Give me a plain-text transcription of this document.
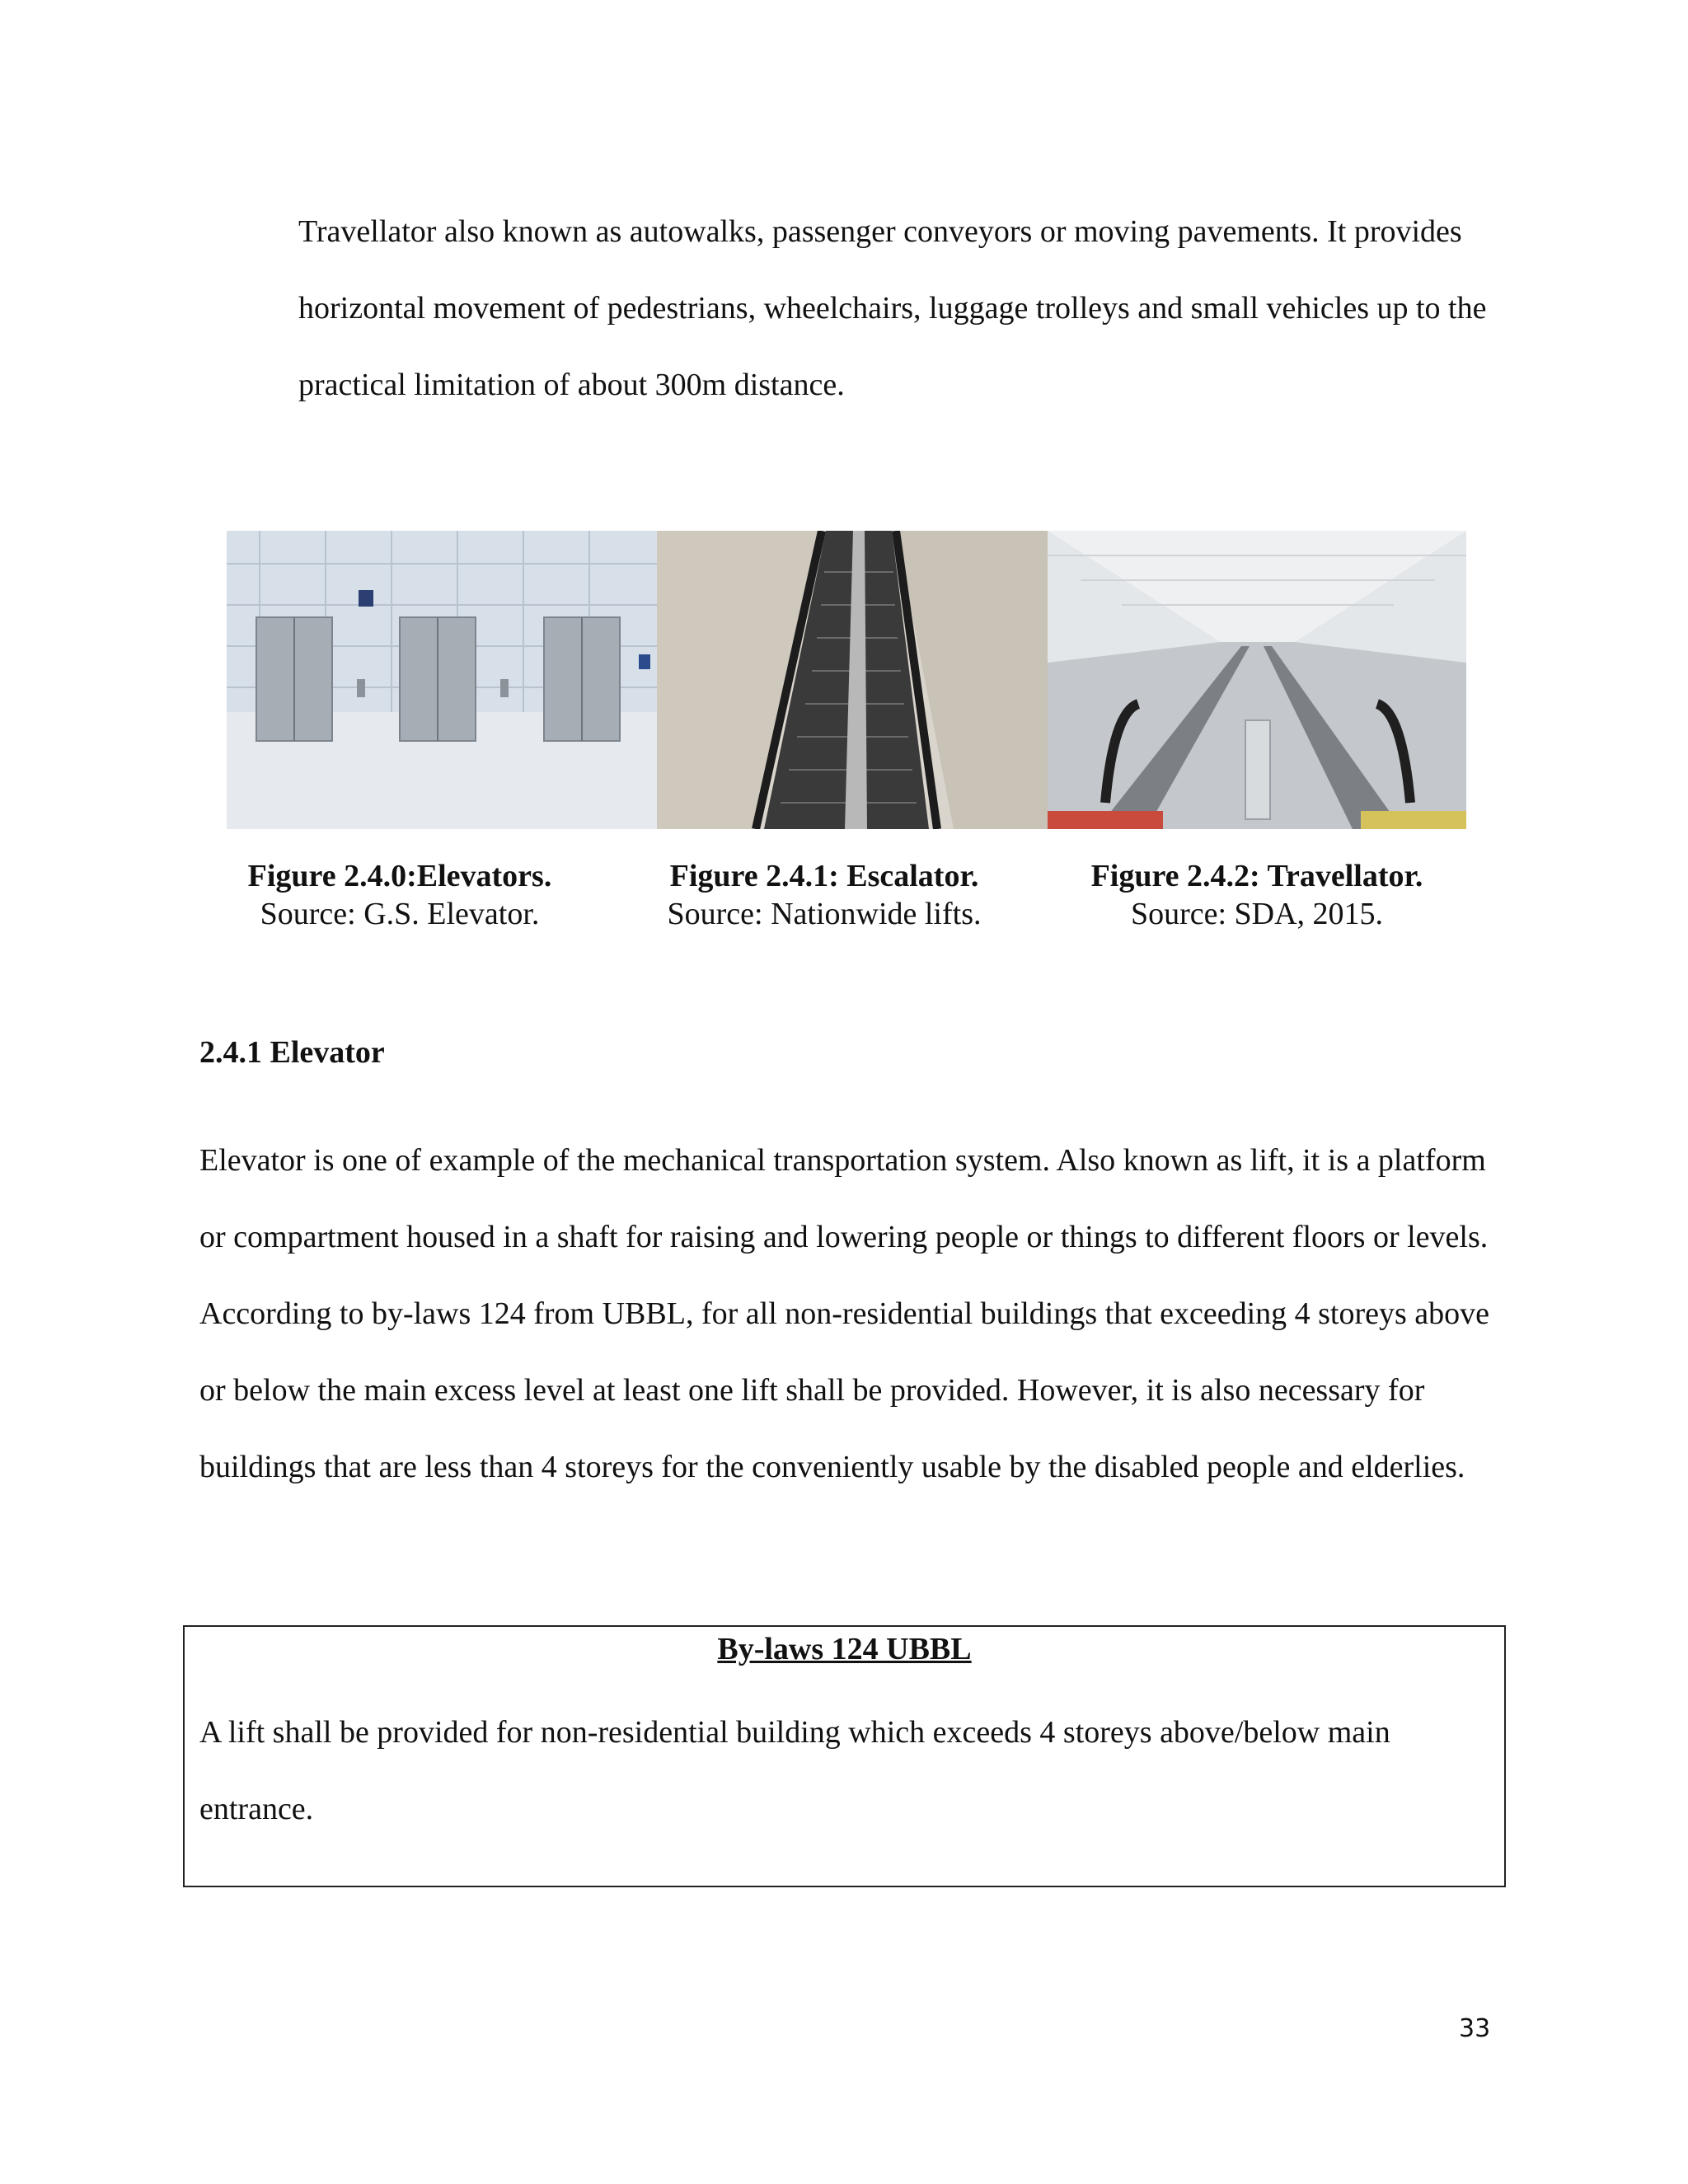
Travellator also known as autowalks, passenger conveyors or moving pavements. It provides horizontal movement of pedestrians, wheelchairs, luggage trolleys and small vehicles up to the practical limitation of about 300m distance.

Figure 2.4.0:Elevators.
Source: G.S. Elevator.
Figure 2.4.1: Escalator.
Source: Nationwide lifts.
Figure 2.4.2: Travellator.
Source: SDA, 2015.
2.4.1 Elevator

Elevator is one of example of the mechanical transportation system. Also known as lift, it is a platform or compartment housed in a shaft for raising and lowering people or things to different floors or levels. According to by-laws 124 from UBBL, for all non-residential buildings that exceeding 4 storeys above or below the main excess level at least one lift shall be provided. However, it is also necessary for buildings that are less than 4 storeys for the conveniently usable by the disabled people and elderlies.

By-laws 124 UBBL

A lift shall be provided for non-residential building which exceeds 4 storeys above/below main entrance.

33
